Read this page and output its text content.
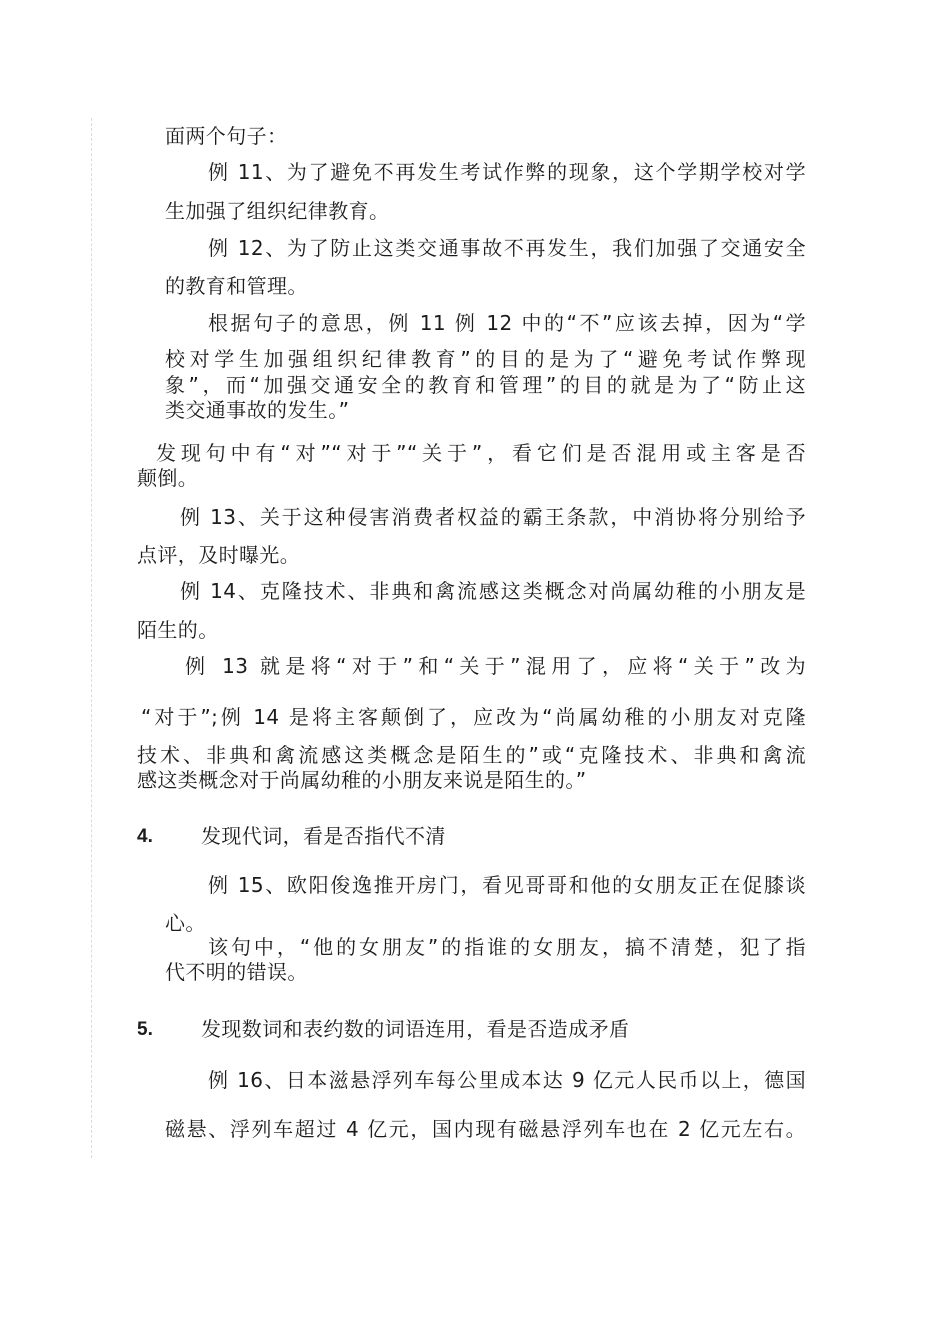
面两个句子：

例 11、为了避免不再发生考试作弊的现象，这个学期学校对学

生加强了组织纪律教育。

例 12、为了防止这类交通事故不再发生，我们加强了交通安全

的教育和管理。

根据句子的意思，例 11 例 12 中的“不”应该去掉，因为“学

校对学生加强组织纪律教育”的目的是为了“避免考试作弊现

象”，而“加强交通安全的教育和管理”的目的就是为了“防止这

类交通事故的发生。”

发现句中有“对”“对于”“关于”，看它们是否混用或主客是否

颠倒。

例 13、关于这种侵害消费者权益的霸王条款，中消协将分别给予

点评，及时曝光。

例 14、克隆技术、非典和禽流感这类概念对尚属幼稚的小朋友是

陌生的。

例 13 就是将“对于”和“关于”混用了，应将“关于”改为

“对于”;例 14 是将主客颠倒了，应改为“尚属幼稚的小朋友对克隆

技术、非典和禽流感这类概念是陌生的”或“克隆技术、非典和禽流

感这类概念对于尚属幼稚的小朋友来说是陌生的。”

4. 发现代词，看是否指代不清

例 15、欧阳俊逸推开房门，看见哥哥和他的女朋友正在促膝谈

心。

该句中，“他的女朋友”的指谁的女朋友，搞不清楚，犯了指

代不明的错误。

5. 发现数词和表约数的词语连用，看是否造成矛盾

例 16、日本滋悬浮列车每公里成本达 9 亿元人民币以上，德国

磁悬、浮列车超过 4 亿元，国内现有磁悬浮列车也在 2 亿元左右。
